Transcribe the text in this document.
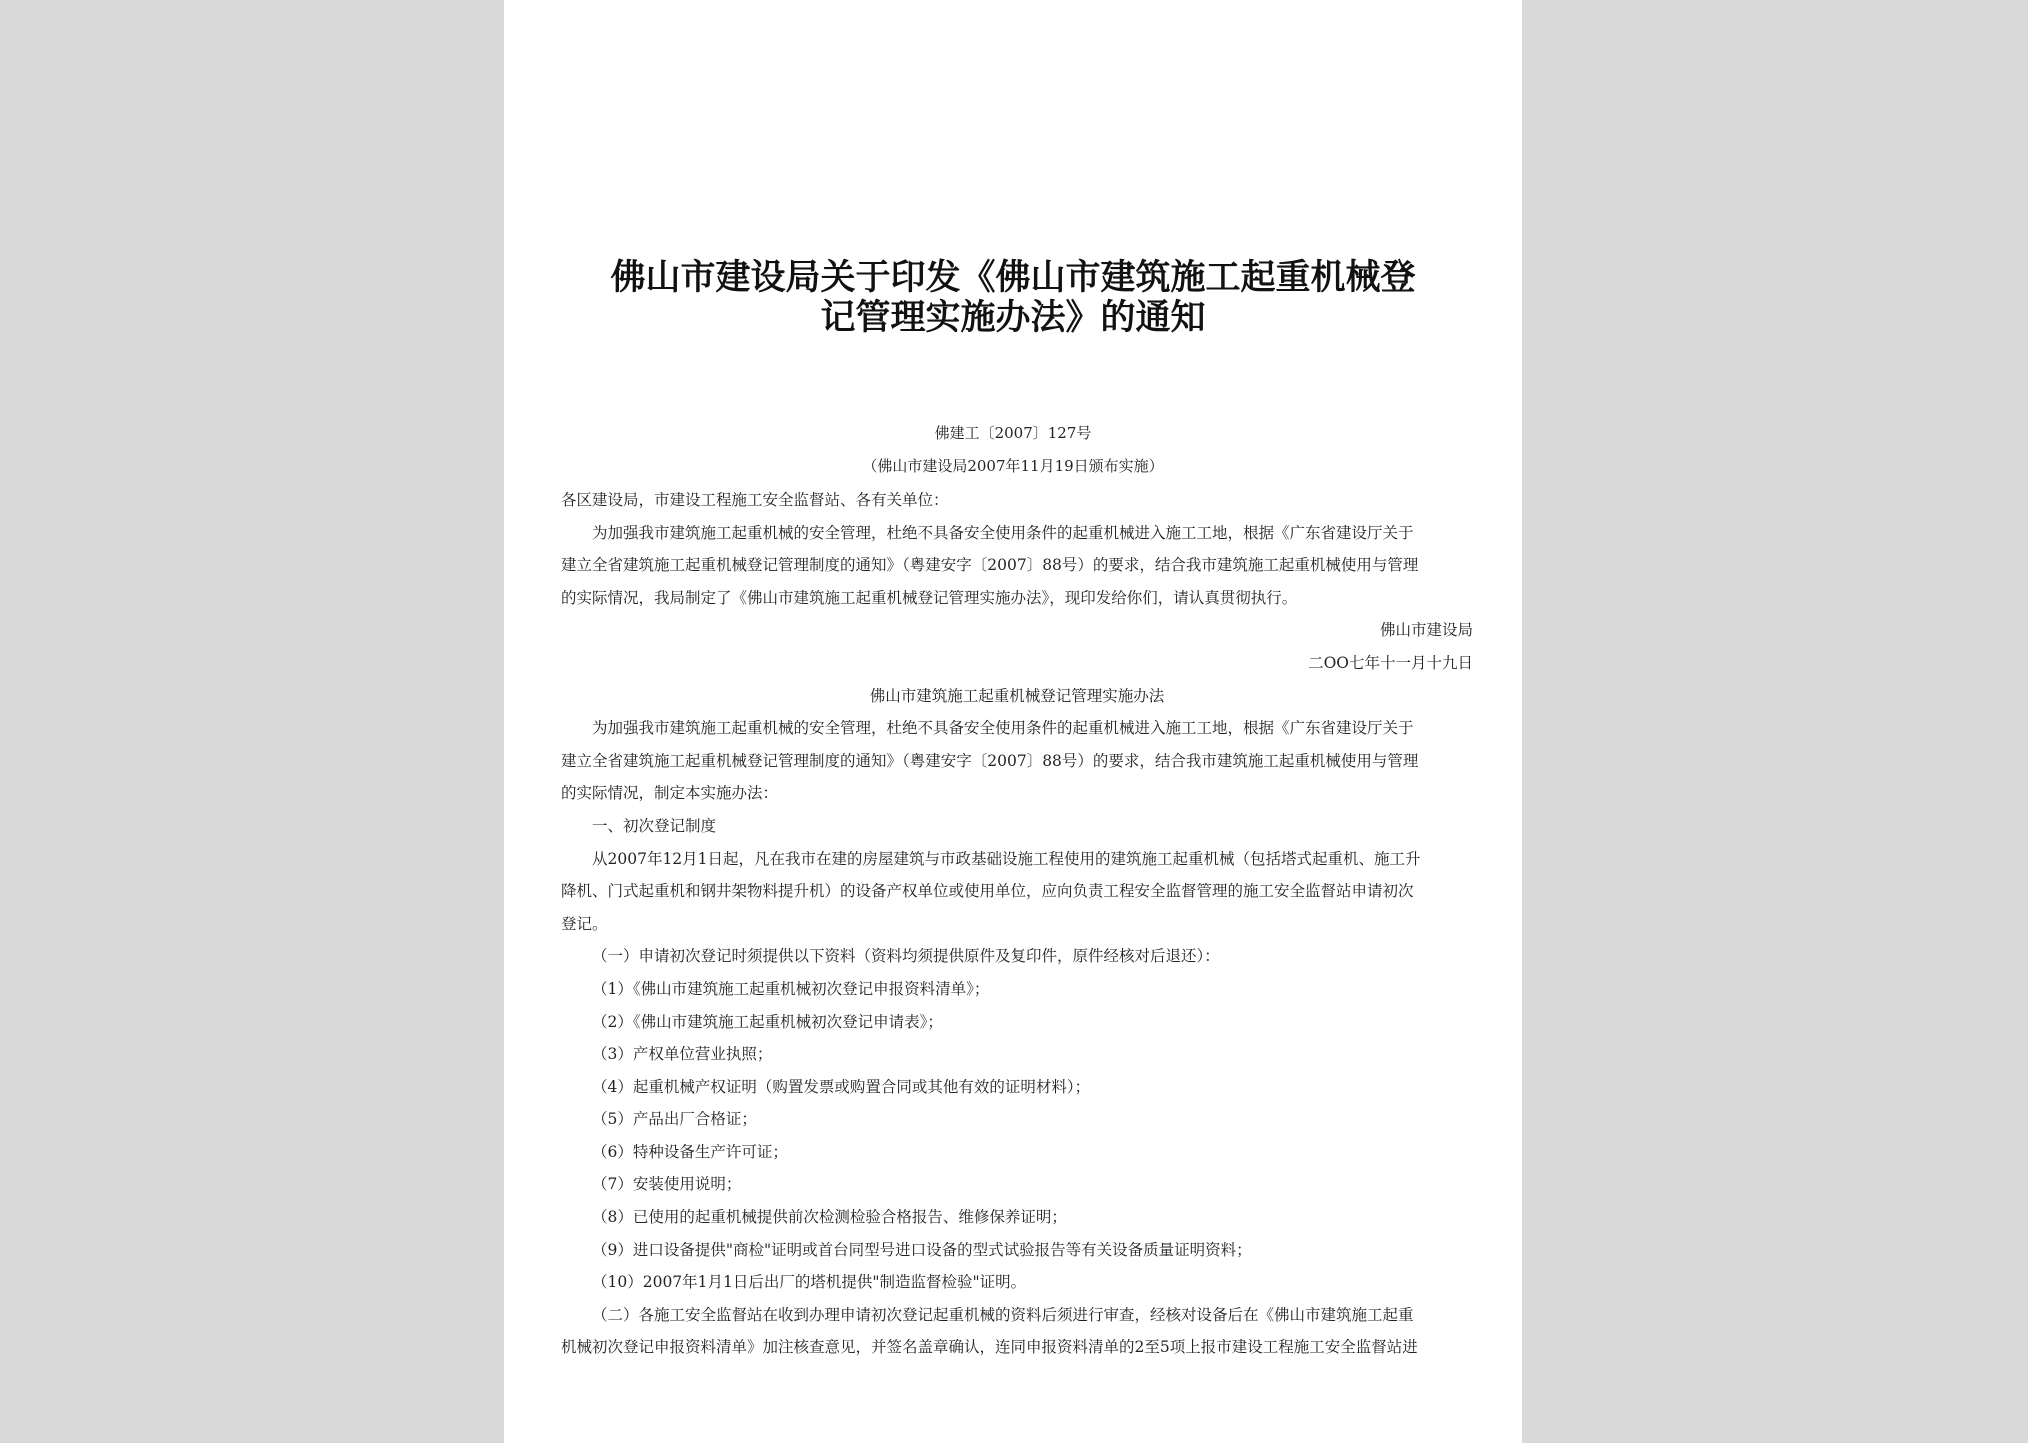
佛山市建设局关于印发《佛山市建筑施工起重机械登
记管理实施办法》的通知
佛建工〔2007〕127号
（佛山市建设局2007年11月19日颁布实施）
各区建设局，市建设工程施工安全监督站、各有关单位：
为加强我市建筑施工起重机械的安全管理，杜绝不具备安全使用条件的起重机械进入施工工地，根据《广东省建设厅关于
建立全省建筑施工起重机械登记管理制度的通知》（粤建安字〔2007〕88号）的要求，结合我市建筑施工起重机械使用与管理
的实际情况，我局制定了《佛山市建筑施工起重机械登记管理实施办法》，现印发给你们，请认真贯彻执行。
佛山市建设局
二OO七年十一月十九日
佛山市建筑施工起重机械登记管理实施办法
为加强我市建筑施工起重机械的安全管理，杜绝不具备安全使用条件的起重机械进入施工工地，根据《广东省建设厅关于
建立全省建筑施工起重机械登记管理制度的通知》（粤建安字〔2007〕88号）的要求，结合我市建筑施工起重机械使用与管理
的实际情况，制定本实施办法：
一、初次登记制度
从2007年12月1日起，凡在我市在建的房屋建筑与市政基础设施工程使用的建筑施工起重机械（包括塔式起重机、施工升
降机、门式起重机和钢井架物料提升机）的设备产权单位或使用单位，应向负责工程安全监督管理的施工安全监督站申请初次
登记。
（一）申请初次登记时须提供以下资料（资料均须提供原件及复印件，原件经核对后退还）：
（1）《佛山市建筑施工起重机械初次登记申报资料清单》；
（2）《佛山市建筑施工起重机械初次登记申请表》；
（3）产权单位营业执照；
（4）起重机械产权证明（购置发票或购置合同或其他有效的证明材料）；
（5）产品出厂合格证；
（6）特种设备生产许可证；
（7）安装使用说明；
（8）已使用的起重机械提供前次检测检验合格报告、维修保养证明；
（9）进口设备提供"商检"证明或首台同型号进口设备的型式试验报告等有关设备质量证明资料；
（10）2007年1月1日后出厂的塔机提供"制造监督检验"证明。
（二）各施工安全监督站在收到办理申请初次登记起重机械的资料后须进行审查，经核对设备后在《佛山市建筑施工起重
机械初次登记申报资料清单》加注核查意见，并签名盖章确认，连同申报资料清单的2至5项上报市建设工程施工安全监督站进
